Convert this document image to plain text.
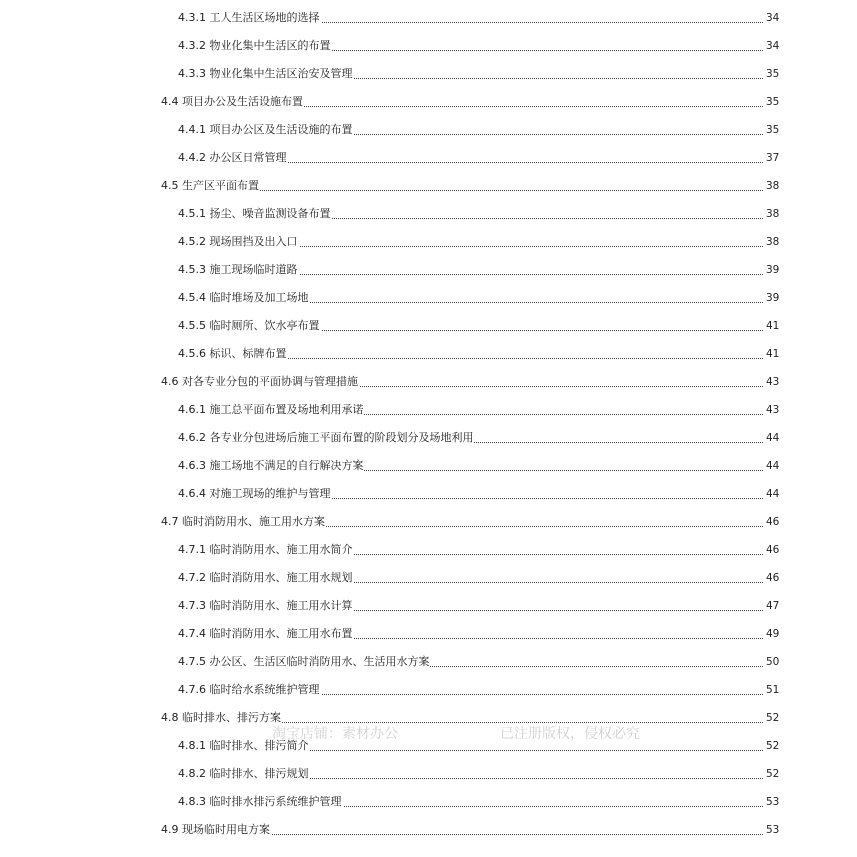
4.3.1 工人生活区场地的选择	34
4.3.2 物业化集中生活区的布置	34
4.3.3 物业化集中生活区治安及管理	35
4.4 项目办公及生活设施布置	35
4.4.1 项目办公区及生活设施的布置	35
4.4.2 办公区日常管理	37
4.5 生产区平面布置	38
4.5.1 扬尘、噪音监测设备布置	38
4.5.2 现场围挡及出入口	38
4.5.3 施工现场临时道路	39
4.5.4 临时堆场及加工场地	39
4.5.5 临时厕所、饮水亭布置	41
4.5.6 标识、标牌布置	41
4.6 对各专业分包的平面协调与管理措施	43
4.6.1 施工总平面布置及场地利用承诺	43
4.6.2 各专业分包进场后施工平面布置的阶段划分及场地利用	44
4.6.3 施工场地不满足的自行解决方案	44
4.6.4 对施工现场的维护与管理	44
4.7 临时消防用水、施工用水方案	46
4.7.1 临时消防用水、施工用水简介	46
4.7.2 临时消防用水、施工用水规划	46
4.7.3 临时消防用水、施工用水计算	47
4.7.4 临时消防用水、施工用水布置	49
4.7.5 办公区、生活区临时消防用水、生活用水方案	50
4.7.6 临时给水系统维护管理	51
4.8 临时排水、排污方案	52
4.8.1 临时排水、排污简介	52
4.8.2 临时排水、排污规划	52
4.8.3 临时排水排污系统维护管理	53
4.9 现场临时用电方案	53
淘宝店铺：素材办公	已注册版权，侵权必究
